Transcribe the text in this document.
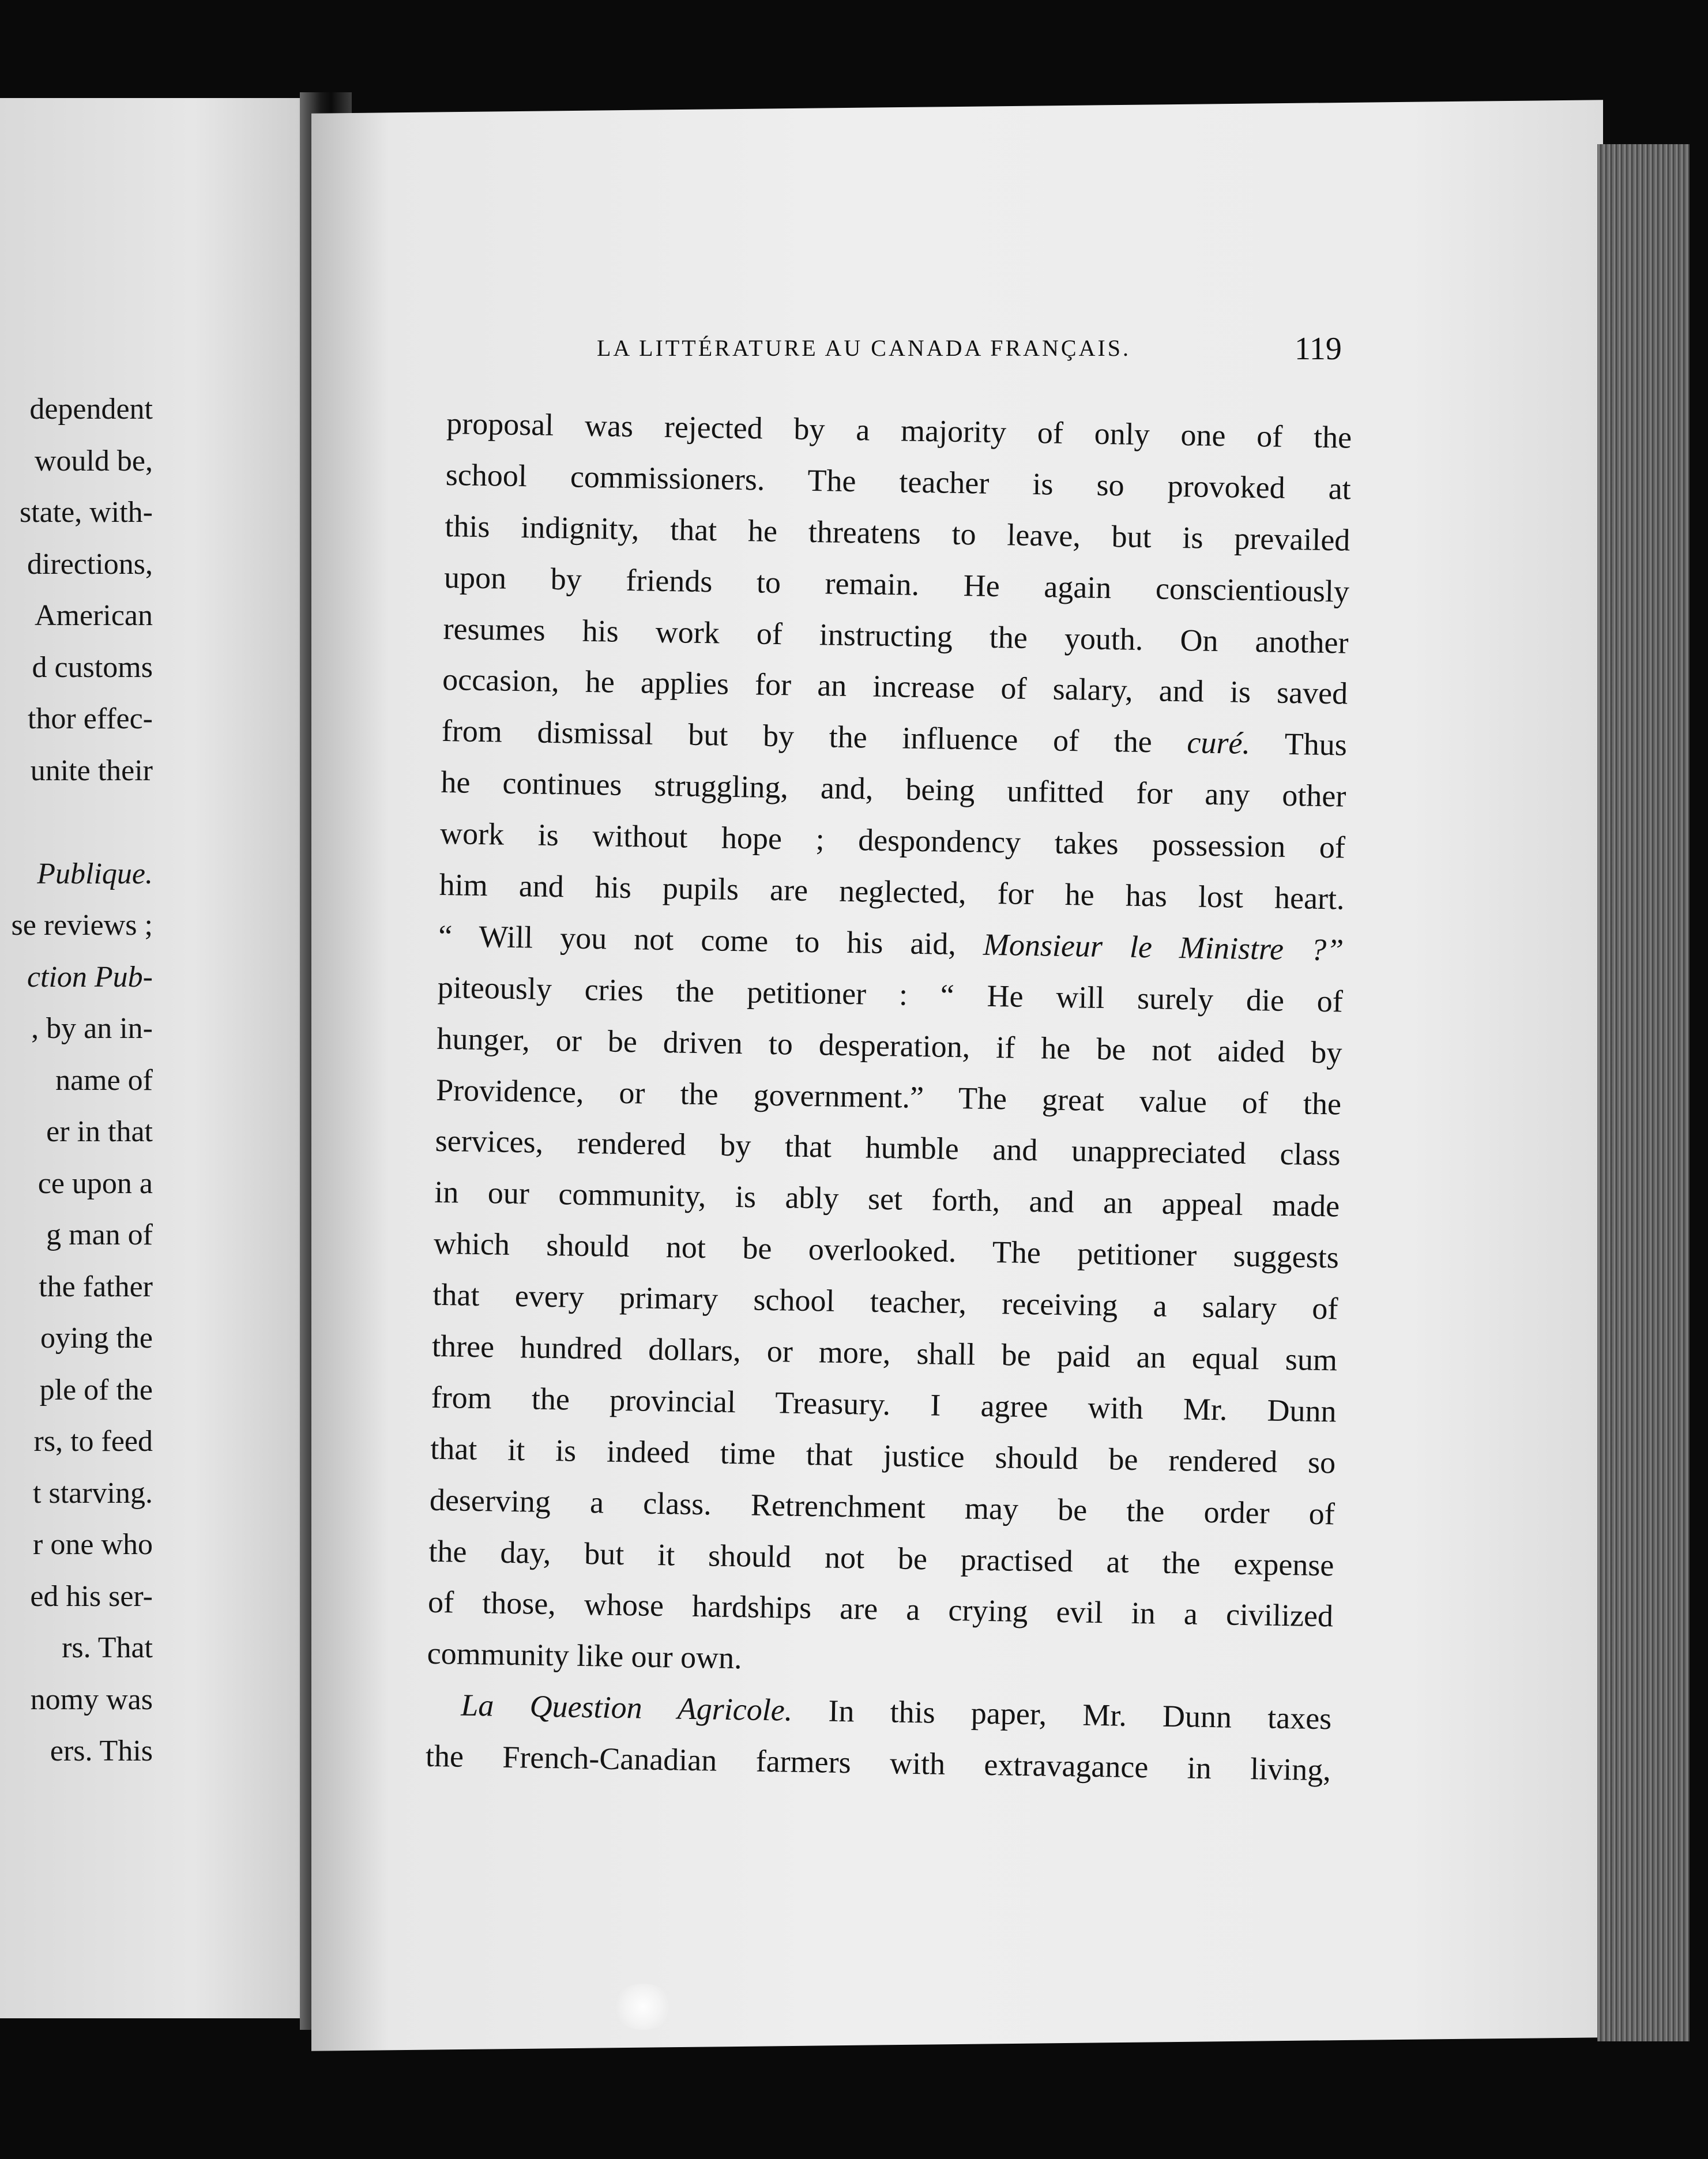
dependent
would be,
state, with-
directions,
American
d customs
thor effec-
unite their
Publique.
se reviews ;
ction Pub-
, by an in-
name of
er in that
ce upon a
g man of
the father
oying the
ple of the
rs, to feed
t starving.
r one who
ed his ser-
rs. That
nomy was
ers. This
LA LITTÉRATURE AU CANADA FRANÇAIS.	119
proposal was rejected by a majority of only one of the
school commissioners. The teacher is so provoked at
this indignity, that he threatens to leave, but is prevailed
upon by friends to remain. He again conscientiously
resumes his work of instructing the youth. On another
occasion, he applies for an increase of salary, and is saved
from dismissal but by the influence of the curé. Thus
he continues struggling, and, being unfitted for any other
work is without hope ; despondency takes possession of
him and his pupils are neglected, for he has lost heart.
“ Will you not come to his aid, Monsieur le Ministre ?”
piteously cries the petitioner : “ He will surely die of
hunger, or be driven to desperation, if he be not aided by
Providence, or the government.” The great value of the
services, rendered by that humble and unappreciated class
in our community, is ably set forth, and an appeal made
which should not be overlooked. The petitioner suggests
that every primary school teacher, receiving a salary of
three hundred dollars, or more, shall be paid an equal sum
from the provincial Treasury. I agree with Mr. Dunn
that it is indeed time that justice should be rendered so
deserving a class. Retrenchment may be the order of
the day, but it should not be practised at the expense
of those, whose hardships are a crying evil in a civilized
community like our own.
La Question Agricole. In this paper, Mr. Dunn taxes
the French-Canadian farmers with extravagance in living,
